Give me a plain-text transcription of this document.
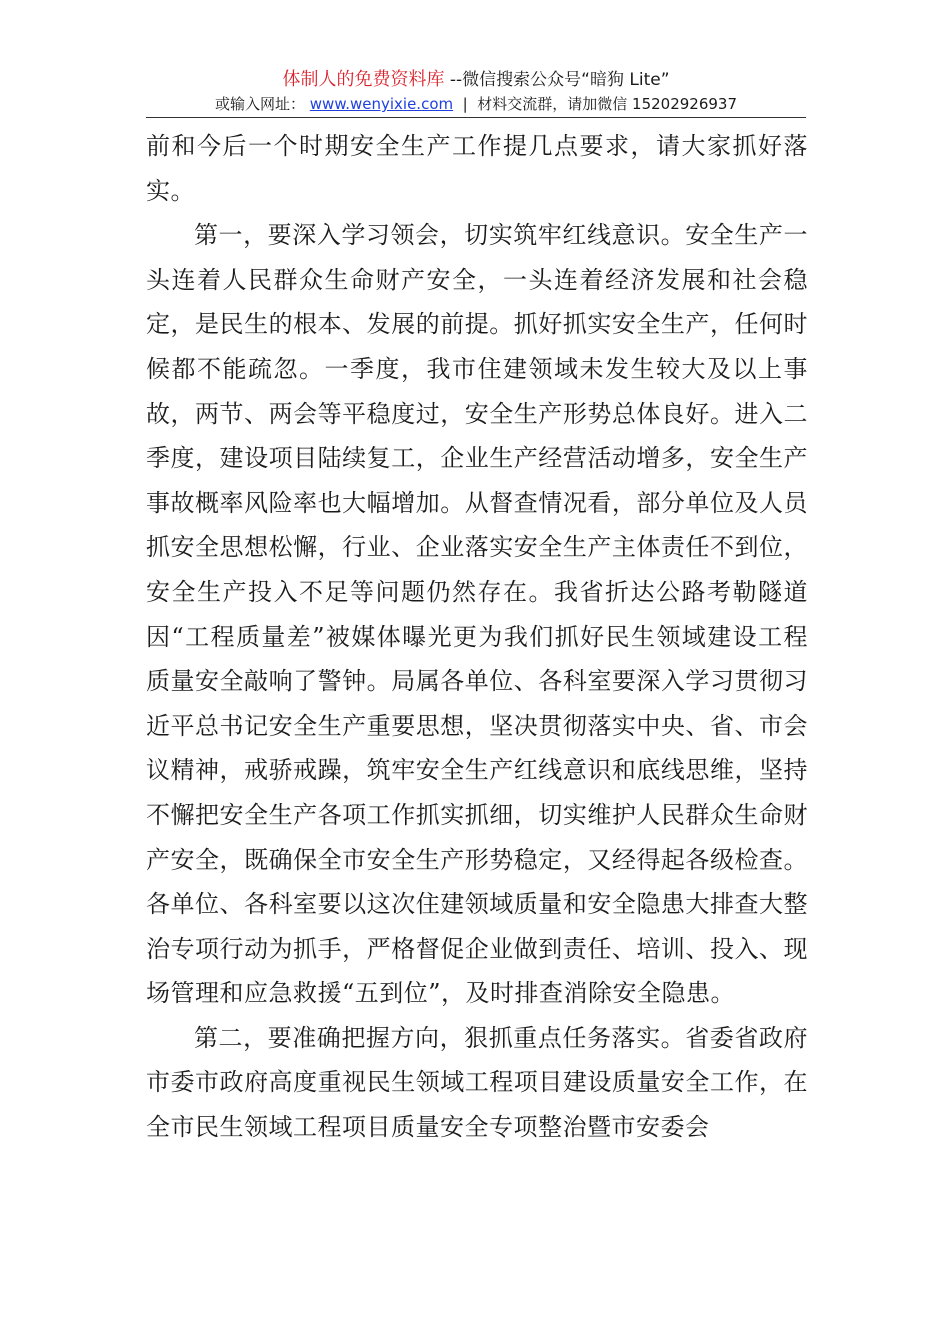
体制人的免费资料库 --微信搜索公众号“暗狗 Lite”
或输入网址： www.wenyixie.com  |  材料交流群，请加微信 15202926937

前和今后一个时期安全生产工作提几点要求，请大家抓好落实。

第一，要深入学习领会，切实筑牢红线意识。安全生产一头连着人民群众生命财产安全，一头连着经济发展和社会稳定，是民生的根本、发展的前提。抓好抓实安全生产，任何时候都不能疏忽。一季度，我市住建领域未发生较大及以上事故，两节、两会等平稳度过，安全生产形势总体良好。进入二季度，建设项目陆续复工，企业生产经营活动增多，安全生产事故概率风险率也大幅增加。从督查情况看，部分单位及人员抓安全思想松懈，行业、企业落实安全生产主体责任不到位，安全生产投入不足等问题仍然存在。我省折达公路考勒隧道因“工程质量差”被媒体曝光更为我们抓好民生领域建设工程质量安全敲响了警钟。局属各单位、各科室要深入学习贯彻习近平总书记安全生产重要思想，坚决贯彻落实中央、省、市会议精神，戒骄戒躁，筑牢安全生产红线意识和底线思维，坚持不懈把安全生产各项工作抓实抓细，切实维护人民群众生命财产安全，既确保全市安全生产形势稳定，又经得起各级检查。各单位、各科室要以这次住建领域质量和安全隐患大排查大整治专项行动为抓手，严格督促企业做到责任、培训、投入、现场管理和应急救援“五到位”，及时排查消除安全隐患。

第二，要准确把握方向，狠抓重点任务落实。省委省政府市委市政府高度重视民生领域工程项目建设质量安全工作，在全市民生领域工程项目质量安全专项整治暨市安委会
